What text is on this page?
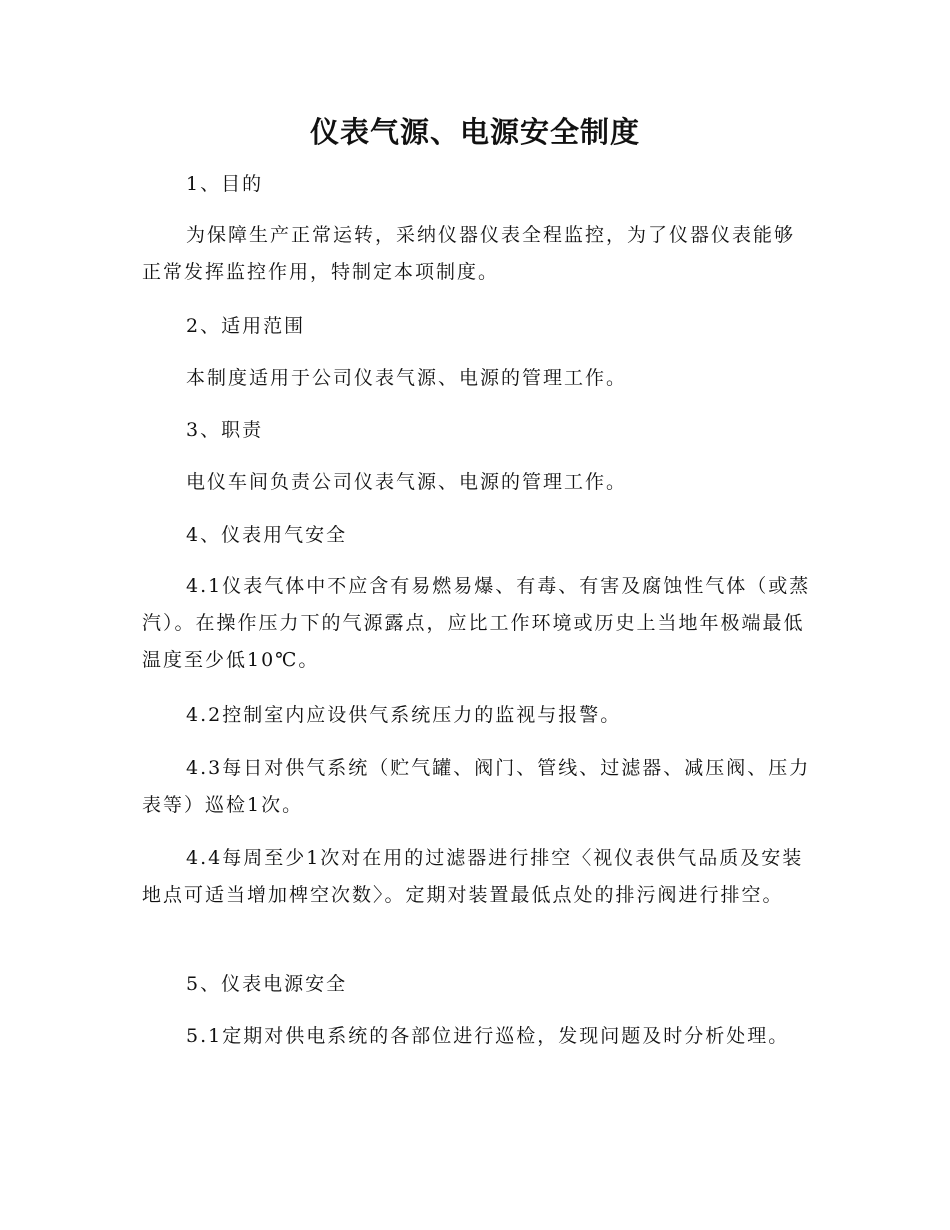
仪表气源、电源安全制度

1、目的

为保障生产正常运转，采纳仪器仪表全程监控，为了仪器仪表能够正常发挥监控作用，特制定本项制度。

2、适用范围

本制度适用于公司仪表气源、电源的管理工作。

3、职责

电仪车间负责公司仪表气源、电源的管理工作。

4、仪表用气安全

4.1仪表气体中不应含有易燃易爆、有毒、有害及腐蚀性气体（或蒸汽）。在操作压力下的气源露点，应比工作环境或历史上当地年极端最低温度至少低10℃。

4.2控制室内应设供气系统压力的监视与报警。

4.3每日对供气系统（贮气罐、阀门、管线、过滤器、减压阀、压力表等）巡检1次。

4.4每周至少1次对在用的过滤器进行排空〈视仪表供气品质及安装地点可适当增加椑空次数〉。定期对装置最低点处的排污阀进行排空。

5、仪表电源安全

5.1定期对供电系统的各部位进行巡检，发现问题及时分析处理。
